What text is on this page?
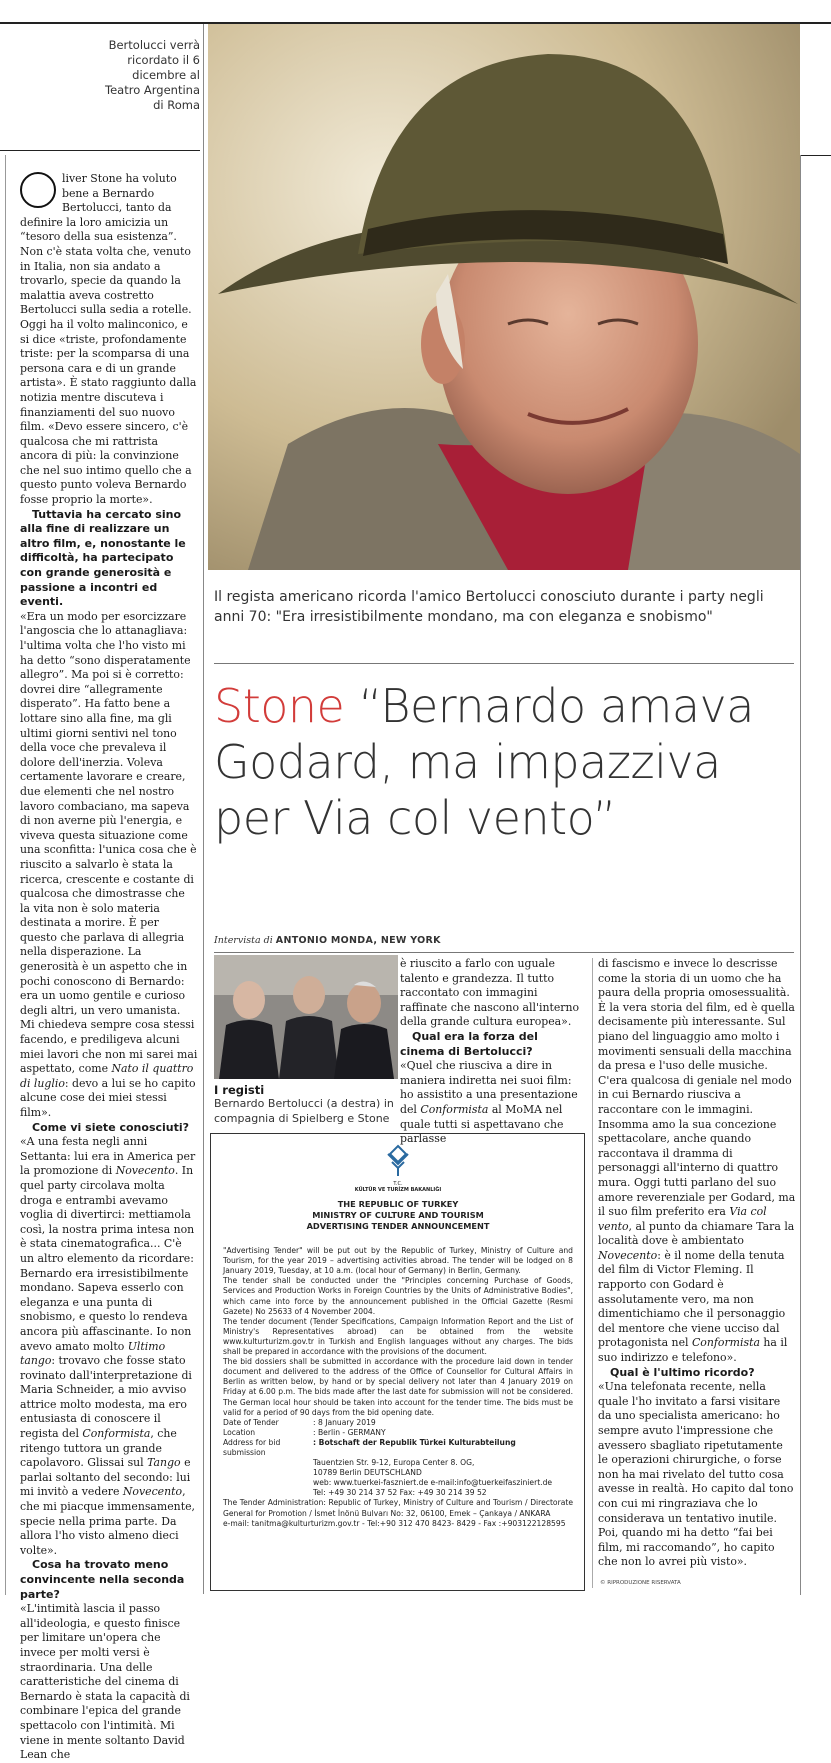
Bertolucci verrà ricordato il 6 dicembre al Teatro Argentina di Roma
Il regista americano ricorda l'amico Bertolucci conosciuto durante i party negli anni 70: "Era irresistibilmente mondano, ma con eleganza e snobismo"
Stone “Bernardo amava Godard, ma impazziva per Via col vento”
Intervista di ANTONIO MONDA, NEW YORK

liver Stone ha voluto bene a Bernardo Bertolucci, tanto da definire la loro amicizia un “tesoro della sua esistenza”. Non c'è stata volta che, venuto in Italia, non sia andato a trovarlo, specie da quando la malattia aveva costretto Bertolucci sulla sedia a rotelle. Oggi ha il volto malinconico, e si dice «triste, profondamente triste: per la scomparsa di una persona cara e di un grande artista». È stato raggiunto dalla notizia mentre discuteva i finanziamenti del suo nuovo film. «Devo essere sincero, c'è qualcosa che mi rattrista ancora di più: la convinzione che nel suo intimo quello che a questo punto voleva Bernardo fosse proprio la morte».

Tuttavia ha cercato sino alla fine di realizzare un altro film, e, nonostante le difficoltà, ha partecipato con grande generosità e passione a incontri ed eventi.

«Era un modo per esorcizzare l'angoscia che lo attanagliava: l'ultima volta che l'ho visto mi ha detto “sono disperatamente allegro”. Ma poi si è corretto: dovrei dire “allegramente disperato”. Ha fatto bene a lottare sino alla fine, ma gli ultimi giorni sentivi nel tono della voce che prevaleva il dolore dell'inerzia. Voleva certamente lavorare e creare, due elementi che nel nostro lavoro combaciano, ma sapeva di non averne più l'energia, e viveva questa situazione come una sconfitta: l'unica cosa che è riuscito a salvarlo è stata la ricerca, crescente e costante di qualcosa che dimostrasse che la vita non è solo materia destinata a morire. È per questo che parlava di allegria nella disperazione. La generosità è un aspetto che in pochi conoscono di Bernardo: era un uomo gentile e curioso degli altri, un vero umanista. Mi chiedeva sempre cosa stessi facendo, e prediligeva alcuni miei lavori che non mi sarei mai aspettato, come Nato il quattro di luglio: devo a lui se ho capito alcune cose dei miei stessi film».

Come vi siete conosciuti?

«A una festa negli anni Settanta: lui era in America per la promozione di Novecento. In quel party circolava molta droga e entrambi avevamo voglia di divertirci: mettiamola così, la nostra prima intesa non è stata cinematografica... C'è un altro elemento da ricordare: Bernardo era irresistibilmente mondano. Sapeva esserlo con eleganza e una punta di snobismo, e questo lo rendeva ancora più affascinante. Io non avevo amato molto Ultimo tango: trovavo che fosse stato rovinato dall'interpretazione di Maria Schneider, a mio avviso attrice molto modesta, ma ero entusiasta di conoscere il regista del Conformista, che ritengo tuttora un grande capolavoro. Glissai sul Tango e parlai soltanto del secondo: lui mi invitò a vedere Novecento, che mi piacque immensamente, specie nella prima parte. Da allora l'ho visto almeno dieci volte».

Cosa ha trovato meno convincente nella seconda parte?

«L'intimità lascia il passo all'ideologia, e questo finisce per limitare un'opera che invece per molti versi è straordinaria. Una delle caratteristiche del cinema di Bernardo è stata la capacità di combinare l'epica del grande spettacolo con l'intimità. Mi viene in mente soltanto David Lean che

I registi
Bernardo Bertolucci (a destra) in compagnia di Spielberg e Stone

è riuscito a farlo con uguale talento e grandezza. Il tutto raccontato con immagini raffinate che nascono all'interno della grande cultura europea».

Qual era la forza del cinema di Bertolucci?

«Quel che riusciva a dire in maniera indiretta nei suoi film: ho assistito a una presentazione del Conformista al MoMA nel quale tutti si aspettavano che parlasse

di fascismo e invece lo descrisse come la storia di un uomo che ha paura della propria omosessualità. È la vera storia del film, ed è quella decisamente più interessante. Sul piano del linguaggio amo molto i movimenti sensuali della macchina da presa e l'uso delle musiche. C'era qualcosa di geniale nel modo in cui Bernardo riusciva a raccontare con le immagini. Insomma amo la sua concezione spettacolare, anche quando raccontava il dramma di personaggi all'interno di quattro mura. Oggi tutti parlano del suo amore reverenziale per Godard, ma il suo film preferito era Via col vento, al punto da chiamare Tara la località dove è ambientato Novecento: è il nome della tenuta del film di Victor Fleming. Il rapporto con Godard è assolutamente vero, ma non dimentichiamo che il personaggio del mentore che viene ucciso dal protagonista nel Conformista ha il suo indirizzo e telefono».

Qual è l'ultimo ricordo?

«Una telefonata recente, nella quale l'ho invitato a farsi visitare da uno specialista americano: ho sempre avuto l'impressione che avessero sbagliato ripetutamente le operazioni chirurgiche, o forse non ha mai rivelato del tutto cosa avesse in realtà. Ho capito dal tono con cui mi ringraziava che lo considerava un tentativo inutile. Poi, quando mi ha detto “fai bei film, mi raccomando”, ho capito che non lo avrei più visto».

T.C.
KÜLTÜR VE TURİZM BAKANLIĞI
THE REPUBLIC OF TURKEY
MINISTRY OF CULTURE AND TOURISM
ADVERTISING TENDER ANNOUNCEMENT

"Advertising Tender" will be put out by the Republic of Turkey, Ministry of Culture and Tourism, for the year 2019 – advertising activities abroad. The tender will be lodged on 8 January 2019, Tuesday, at 10 a.m. (local hour of Germany) in Berlin, Germany.

The tender shall be conducted under the "Principles concerning Purchase of Goods, Services and Production Works in Foreign Countries by the Units of Administrative Bodies", which came into force by the announcement published in the Official Gazette (Resmi Gazete) No 25633 of 4 November 2004.

The tender document (Tender Specifications, Campaign Information Report and the List of Ministry's Representatives abroad) can be obtained from the website www.kulturturizm.gov.tr in Turkish and English languages without any charges. The bids shall be prepared in accordance with the provisions of the document.

The bid dossiers shall be submitted in accordance with the procedure laid down in tender document and delivered to the address of the Office of Counsellor for Cultural Affairs in Berlin as written below, by hand or by special delivery not later than 4 January 2019 on Friday at 6.00 p.m. The bids made after the last date for submission will not be considered. The German local hour should be taken into account for the tender time. The bids must be valid for a period of 90 days from the bid opening date.

Date of Tender	: 8 January 2019
Location	: Berlin - GERMANY
Address for bid submission
: Botschaft der Republik Türkei Kulturabteilung
Tauentzien Str. 9-12, Europa Center 8. OG,
10789 Berlin DEUTSCHLAND
web: www.tuerkei-faszniert.de e-mail:info@tuerkeifasziniert.de
Tel: +49 30 214 37 52 Fax: +49 30 214 39 52

The Tender Administration: Republic of Turkey, Ministry of Culture and Tourism / Directorate General for Promotion / İsmet İnönü Bulvarı No: 32, 06100, Emek – Çankaya / ANKARA

e-mail: tanitma@kulturturizm.gov.tr - Tel:+90 312 470 8423- 8429 - Fax :+903122128595

© RIPRODUZIONE RISERVATA
